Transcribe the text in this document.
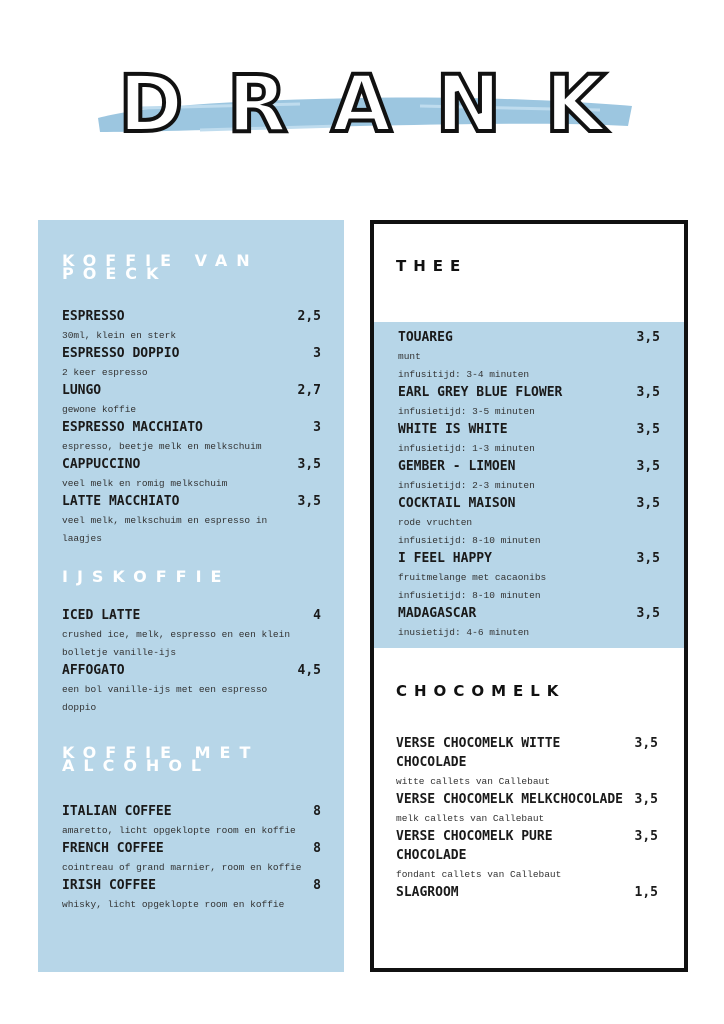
DRANK
KOFFIE VAN POECK
ESPRESSO	2,5
30ml, klein en sterk
ESPRESSO DOPPIO	3
2 keer espresso
LUNGO	2,7
gewone koffie
ESPRESSO MACCHIATO	3
espresso, beetje melk en melkschuim
CAPPUCCINO	3,5
veel melk en romig melkschuim
LATTE MACCHIATO	3,5
veel melk, melkschuim en espresso in
laagjes
IJSKOFFIE
ICED LATTE	4
crushed ice, melk, espresso en een klein
bolletje vanille-ijs
AFFOGATO	4,5
een bol vanille-ijs met een espresso
doppio
KOFFIE MET ALCOHOL
ITALIAN COFFEE	8
amaretto, licht opgeklopte room en koffie
FRENCH COFFEE	8
cointreau of grand marnier, room en koffie
IRISH COFFEE	8
whisky, licht opgeklopte room en koffie
THEE
TOUAREG	3,5
munt
infusitijd: 3-4 minuten
EARL GREY BLUE FLOWER	3,5
infusietijd: 3-5 minuten
WHITE IS WHITE	3,5
infusietijd: 1-3 minuten
GEMBER - LIMOEN	3,5
infusietijd: 2-3 minuten
COCKTAIL MAISON	3,5
rode vruchten
infusietijd: 8-10 minuten
I FEEL HAPPY	3,5
fruitmelange met cacaonibs
infusietijd: 8-10 minuten
MADAGASCAR	3,5
inusietijd: 4-6 minuten
CHOCOMELK
VERSE CHOCOMELK WITTE	3,5
CHOCOLADE
witte callets van Callebaut
VERSE CHOCOMELK MELKCHOCOLADE 3,5
melk callets van Callebaut
VERSE CHOCOMELK PURE	3,5
CHOCOLADE
fondant callets van Callebaut
SLAGROOM	1,5
